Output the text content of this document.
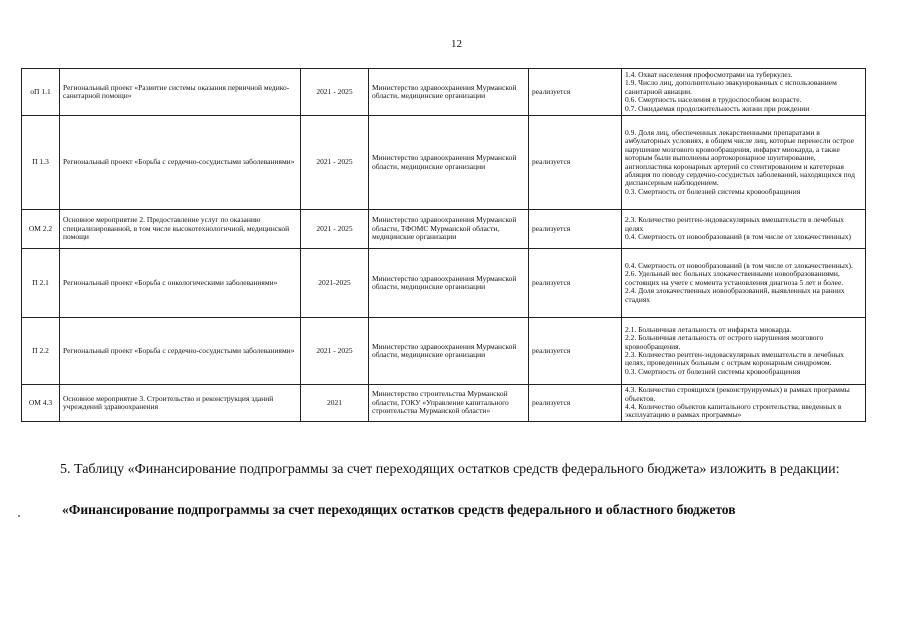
12
оП 1.1	Региональный проект «Развитие системы оказания первичной медико-санитарной помощи»	2021 - 2025	Министерство здравоохранения Мурманской области, медицинские организации	реализуется	1.4. Охват населения профосмотрами на туберкулез.
1.9. Число лиц, дополнительно эвакуированных с использованием санитарной авиации.
0.6. Смертность населения в трудоспособном возрасте.
0.7. Ожидаемая продолжительность жизни при рождении

П 1.3	Региональный проект «Борьба с сердечно-сосудистыми заболеваниями»	2021 - 2025	Министерство здравоохранения Мурманской области, медицинские организации	реализуется	0.9. Доля лиц, обеспеченных лекарственными препаратами в амбулаторных условиях, в общем числе лиц, которые перенесли острое нарушение мозгового кровообращения, инфаркт миокарда, а также которым были выполнены аортокоронарное шунтирование, ангиопластика коронарных артерий со стентированием и катетерная абляция по поводу сердечно-сосудистых заболеваний, находящихся под диспансерным наблюдением.
0.3. Смертность от болезней системы кровообращения

ОМ 2.2	Основное мероприятие 2. Предоставление услуг по оказанию специализированной, в том числе высокотехнологичной, медицинской помощи	2021 - 2025	Министерство здравоохранения Мурманской области, ТФОМС Мурманской области, медицинские организации	реализуется	2.3. Количество рентген-эндоваскулярных вмешательств в лечебных целях
0.4. Смертность от новообразований (в том числе от злокачественных)

П 2.1	Региональный проект «Борьба с онкологическими заболеваниями»	2021-2025	Министерство здравоохранения Мурманской области, медицинские организации	реализуется	0.4. Смертность от новообразований (в том числе от злокачественных).
2.6. Удельный вес больных злокачественными новообразованиями, состоящих на учете с момента установления диагноза 5 лет и более.
2.4. Доля злокачественных новообразований, выявленных на ранних стадиях

П 2.2	Региональный проект «Борьба с сердечно-сосудистыми заболеваниями»	2021 - 2025	Министерство здравоохранения Мурманской области, медицинские организации	реализуется	2.1. Больничная летальность от инфаркта миокарда.
2.2. Больничная летальность от острого нарушения мозгового кровообращения.
2.3. Количество рентген-эндоваскулярных вмешательств в лечебных целях, проведенных больным с острым коронарным синдромом.
0.3. Смертность от болезней системы кровообращения

ОМ 4.3	Основное мероприятие 3. Строительство и реконструкция зданий учреждений здравоохранения	2021	Министерство строительства Мурманской области, ГОКУ «Управление капитального строительства Мурманской области»	реализуется	4.3. Количество строящихся (реконструируемых) в рамках программы объектов.
4.4. Количество объектов капитального строительства, введенных в эксплуатацию в рамках программы»

5. Таблицу «Финансирование подпрограммы за счет переходящих остатков средств федерального бюджета» изложить в редакции:

«Финансирование подпрограммы за счет переходящих остатков средств федерального и областного бюджетов
